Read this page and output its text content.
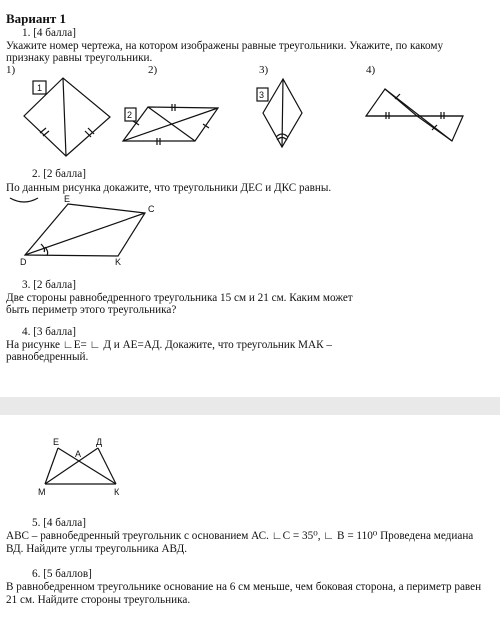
Вариант 1
1. [4 балла]
Укажите номер чертежа, на котором изображены равные треугольники. Укажите, по какому
признаку равны треугольники.
1)	2)	3)	4)
1
2
3
2. [2 балла]
По данным рисунка докажите, что треугольники ДЕС и ДКС равны.
E
C
D	K
3. [2 балла]
Две стороны равнобедренного треугольника 15 см и 21 см. Каким может
быть периметр этого треугольника?
4. [3 балла]
На рисунке ∟E= ∟ Д и АЕ=АД. Докажите, что треугольник МАК –
равнобедренный.
Е	Д
А
М	К
5. [4 балла]
ABC – равнобедренный треугольник с основанием АС. ∟C = 35⁰, ∟ B = 110⁰ Проведена медиана
ВД. Найдите углы треугольника АВД.
6. [5 баллов]
В равнобедренном треугольнике основание на 6 см меньше, чем боковая сторона, а периметр равен
21 см. Найдите стороны треугольника.
